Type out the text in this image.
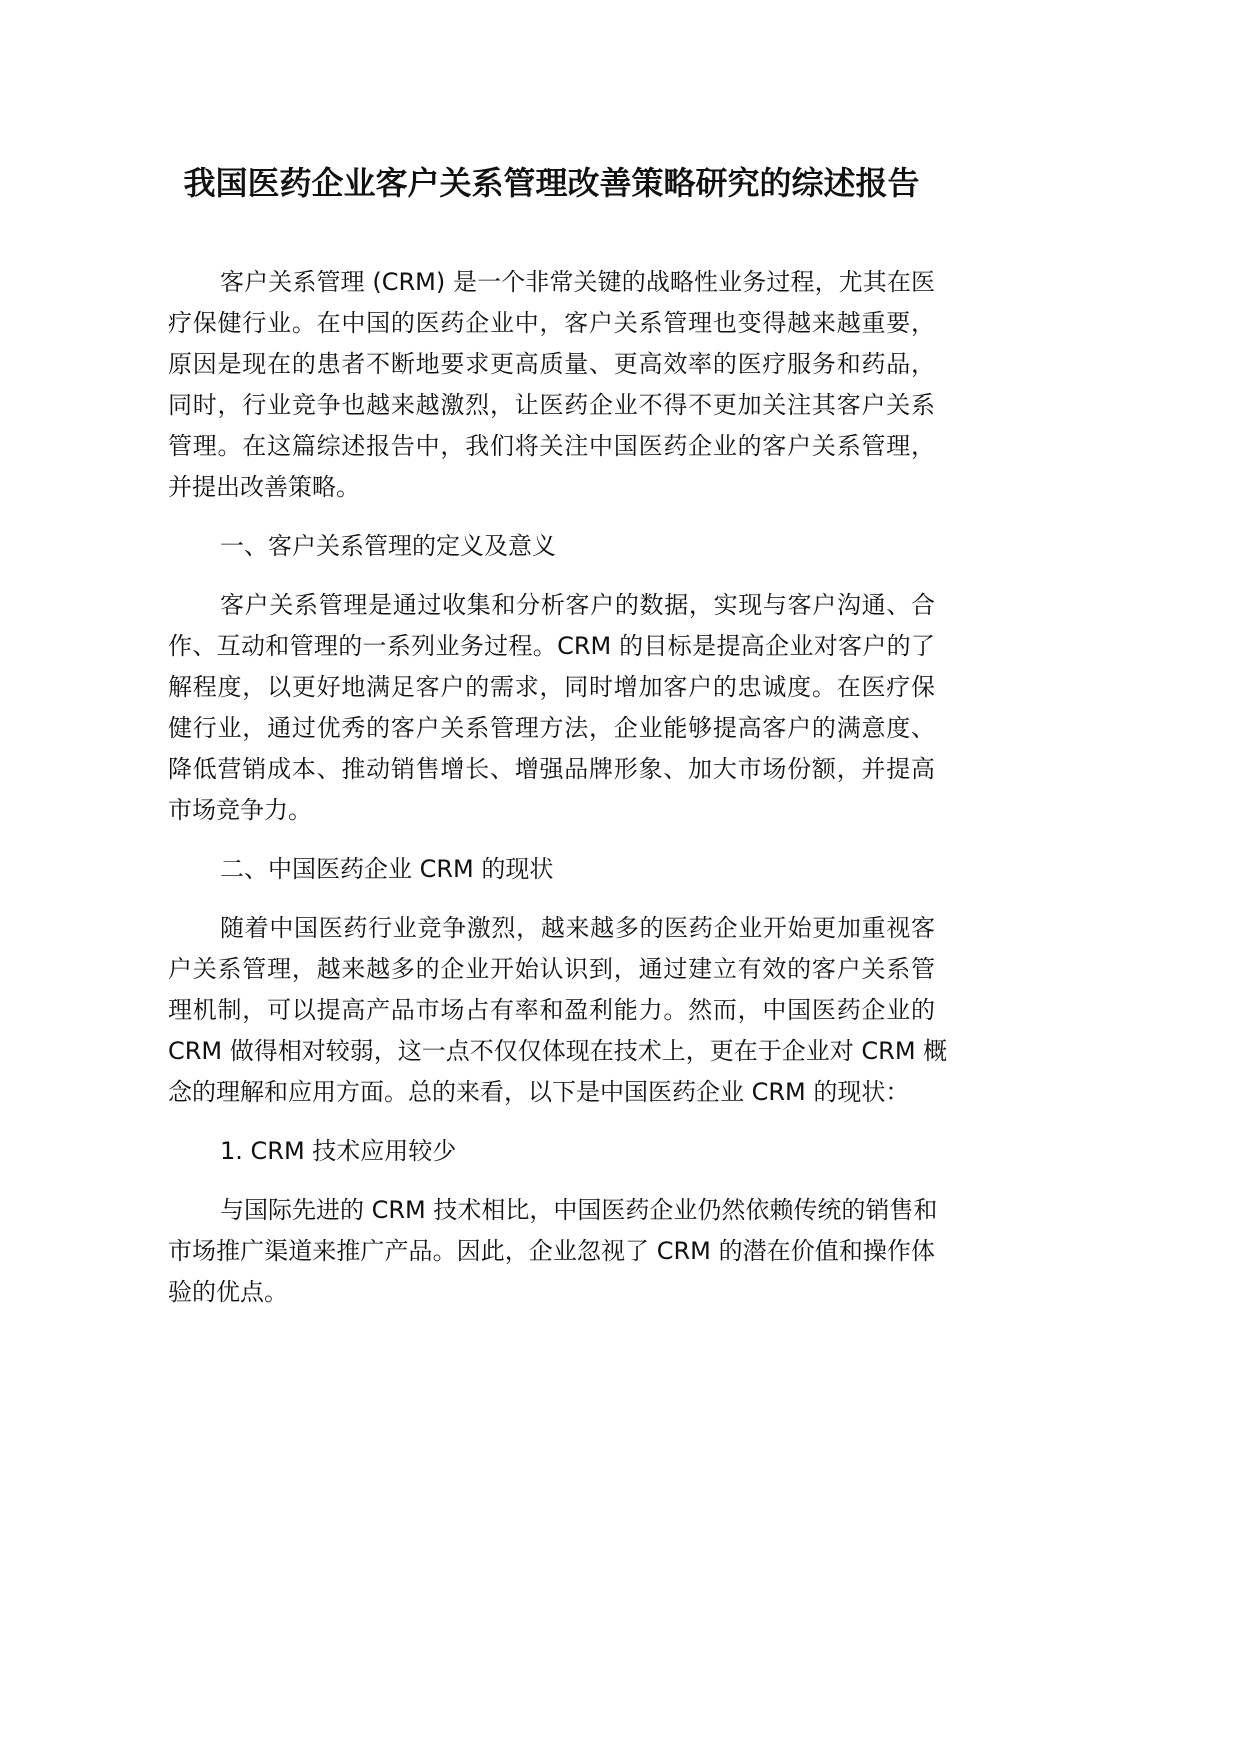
我国医药企业客户关系管理改善策略研究的综述报告
客户关系管理 (CRM) 是一个非常关键的战略性业务过程，尤其在医
疗保健行业。在中国的医药企业中，客户关系管理也变得越来越重要，
原因是现在的患者不断地要求更高质量、更高效率的医疗服务和药品，
同时，行业竞争也越来越激烈，让医药企业不得不更加关注其客户关系
管理。在这篇综述报告中，我们将关注中国医药企业的客户关系管理，
并提出改善策略。
一、客户关系管理的定义及意义
客户关系管理是通过收集和分析客户的数据，实现与客户沟通、合
作、互动和管理的一系列业务过程。CRM 的目标是提高企业对客户的了
解程度，以更好地满足客户的需求，同时增加客户的忠诚度。在医疗保
健行业，通过优秀的客户关系管理方法，企业能够提高客户的满意度、
降低营销成本、推动销售增长、增强品牌形象、加大市场份额，并提高
市场竞争力。
二、中国医药企业 CRM 的现状
随着中国医药行业竞争激烈，越来越多的医药企业开始更加重视客
户关系管理，越来越多的企业开始认识到，通过建立有效的客户关系管
理机制，可以提高产品市场占有率和盈利能力。然而，中国医药企业的
CRM 做得相对较弱，这一点不仅仅体现在技术上，更在于企业对 CRM 概
念的理解和应用方面。总的来看，以下是中国医药企业 CRM 的现状：
1. CRM 技术应用较少
与国际先进的 CRM 技术相比，中国医药企业仍然依赖传统的销售和
市场推广渠道来推广产品。因此，企业忽视了 CRM 的潜在价值和操作体
验的优点。
